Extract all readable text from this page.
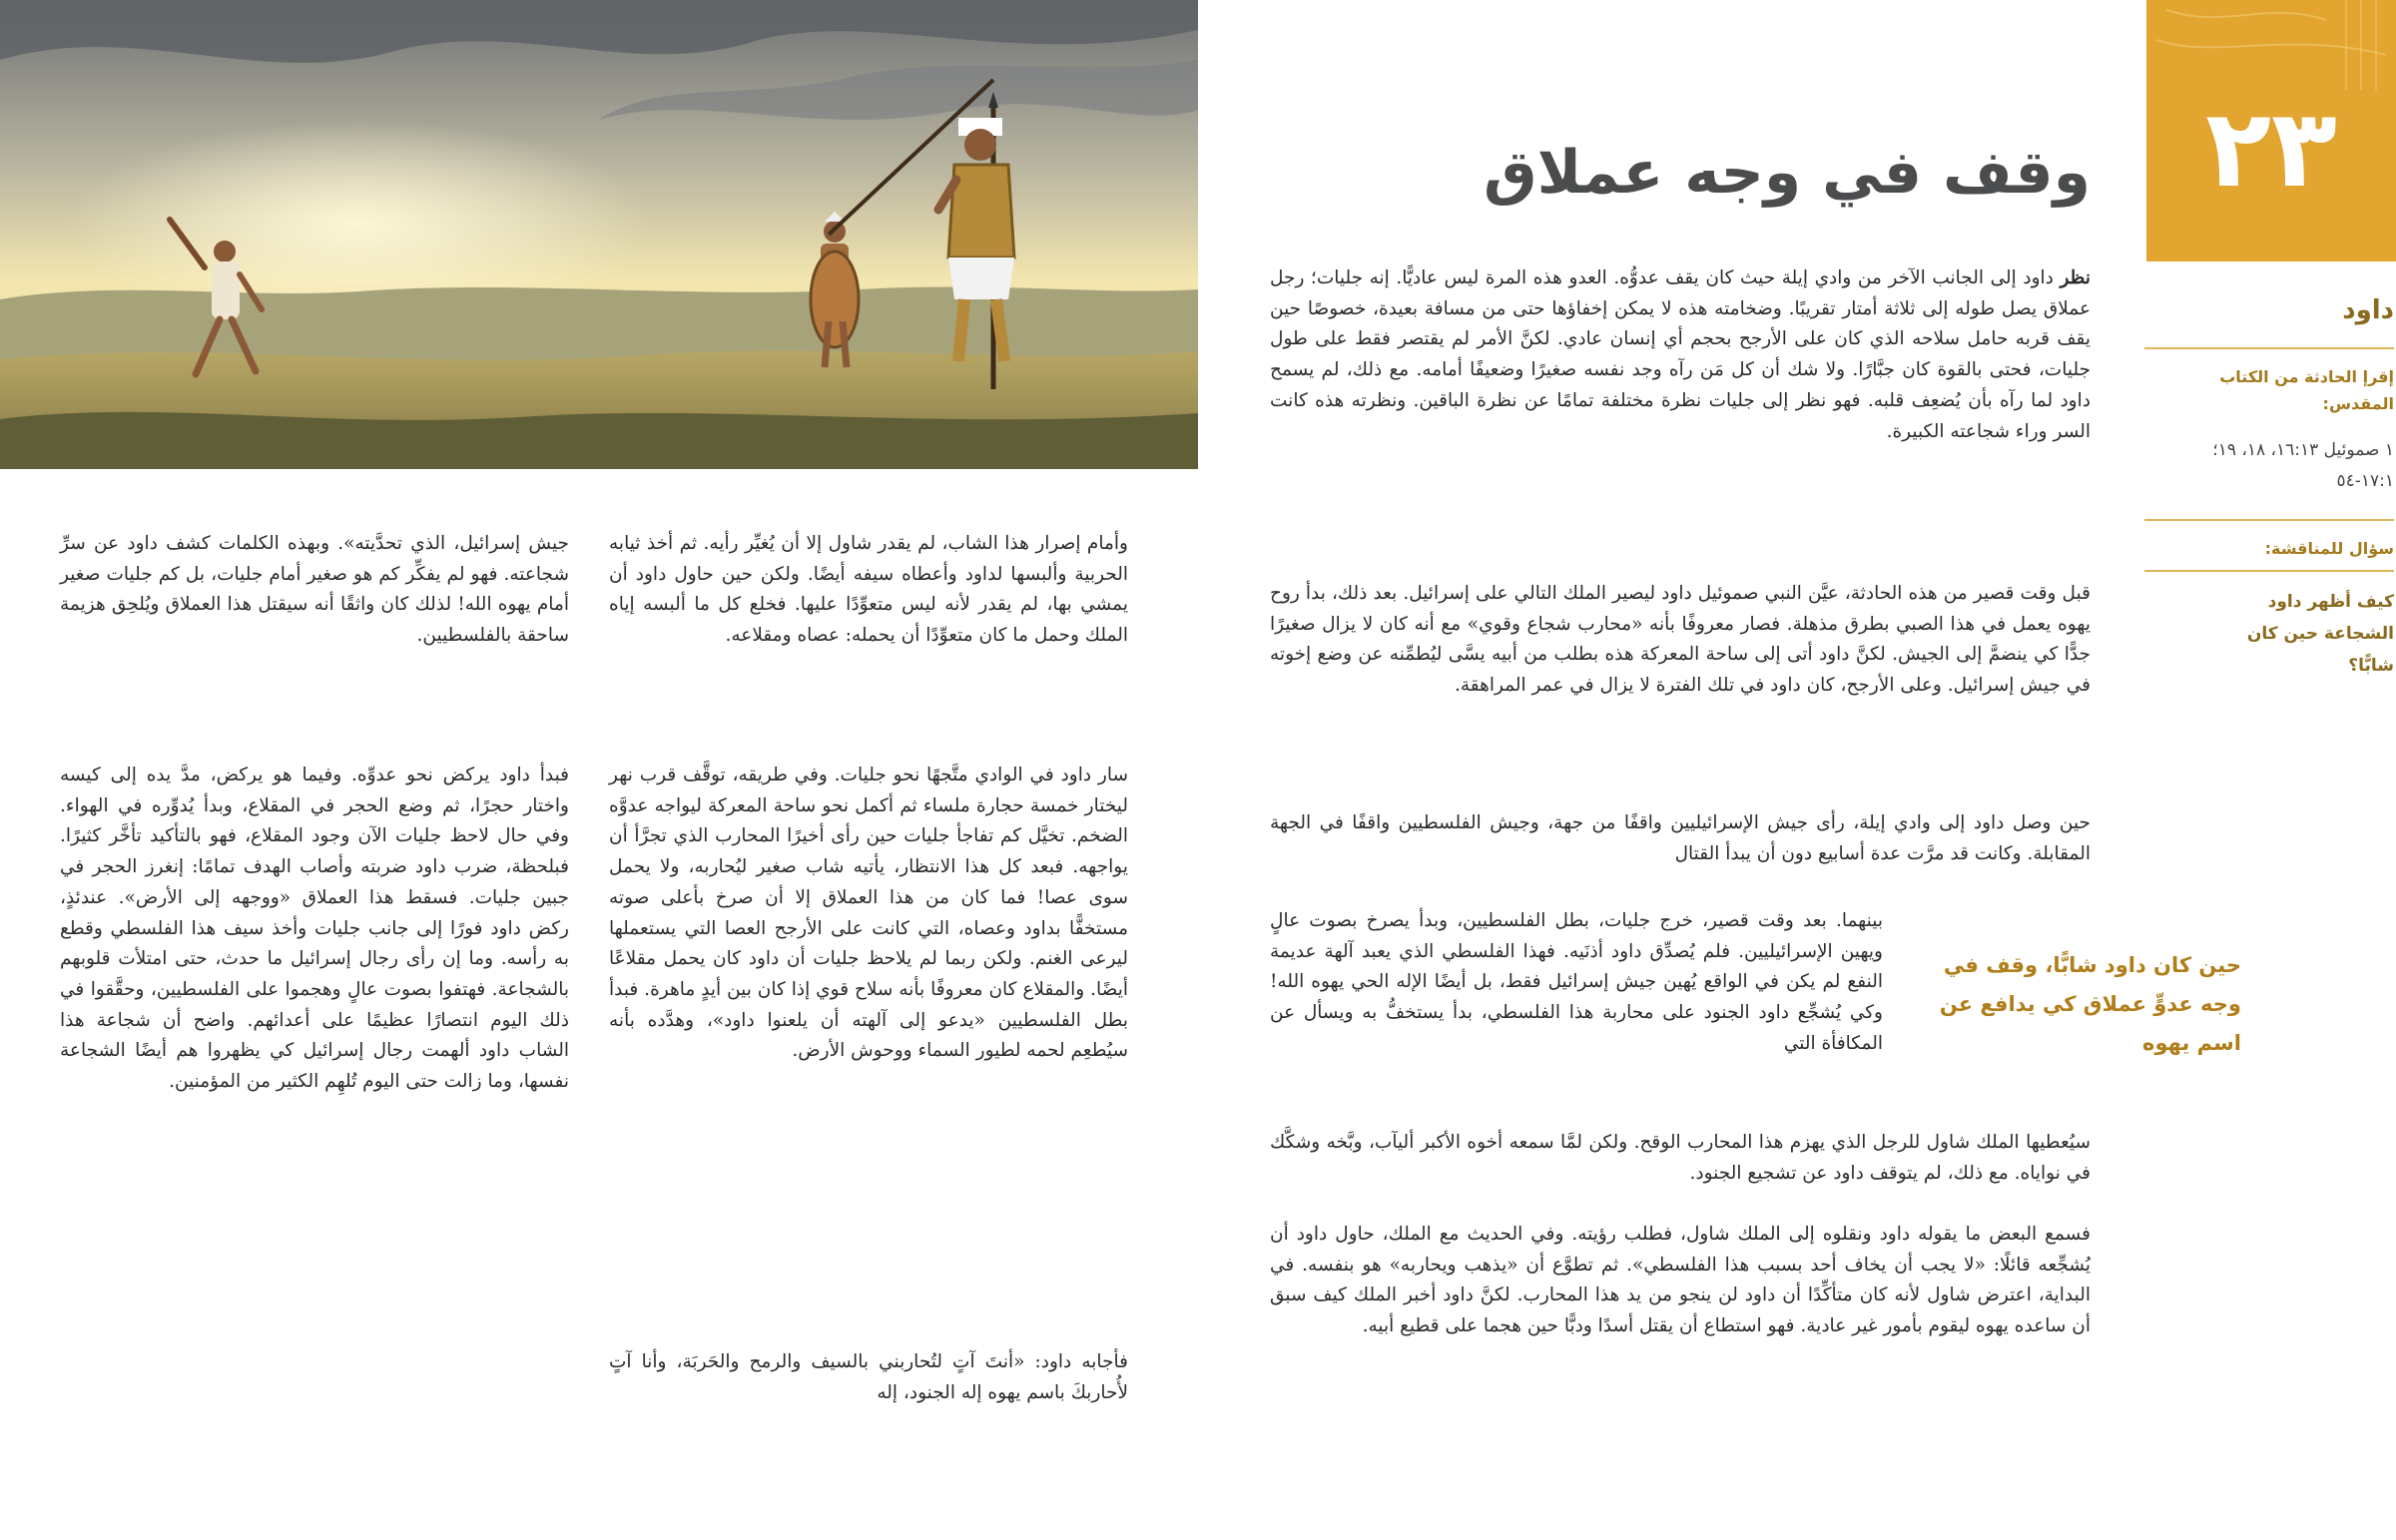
٢٣
وقف في وجه عملاق
داود
إقرإ الحادثة من الكتاب المقدس:
١ صموئيل ١٦:١٣، ١٨، ١٩؛ ١٧:١-٥٤
سؤال للمناقشة:
كيف أظهر داود الشجاعة حين كان شابًّا؟
حين كان داود شابًّا، وقف في وجه عدوٍّ عملاق كي يدافع عن اسم يهوه

نظر داود إلى الجانب الآخر من وادي إيلة حيث كان يقف عدوُّه. العدو هذه المرة ليس عاديًّا. إنه جليات؛ رجل عملاق يصل طوله إلى ثلاثة أمتار تقريبًا. وضخامته هذه لا يمكن إخفاؤها حتى من مسافة بعيدة، خصوصًا حين يقف قربه حامل سلاحه الذي كان على الأرجح بحجم أي إنسان عادي. لكنَّ الأمر لم يقتصر فقط على طول جليات، فحتى بالقوة كان جبَّارًا. ولا شك أن كل مَن رآه وجد نفسه صغيرًا وضعيفًا أمامه. مع ذلك، لم يسمح داود لما رآه بأن يُضعِف قلبه. فهو نظر إلى جليات نظرة مختلفة تمامًا عن نظرة الباقين. ونظرته هذه كانت السر وراء شجاعته الكبيرة.

قبل وقت قصير من هذه الحادثة، عيَّن النبي صموئيل داود ليصير الملك التالي على إسرائيل. بعد ذلك، بدأ روح يهوه يعمل في هذا الصبي بطرق مذهلة. فصار معروفًا بأنه «محارب شجاع وقوي» مع أنه كان لا يزال صغيرًا جدًّا كي ينضمَّ إلى الجيش. لكنَّ داود أتى إلى ساحة المعركة هذه بطلب من أبيه يسَّى ليُطمِّنه عن وضع إخوته في جيش إسرائيل. وعلى الأرجح، كان داود في تلك الفترة لا يزال في عمر المراهقة.

حين وصل داود إلى وادي إيلة، رأى جيش الإسرائيليين واقفًا من جهة، وجيش الفلسطيين واقفًا في الجهة المقابلة. وكانت قد مرَّت عدة أسابيع دون أن يبدأ القتال

بينهما. بعد وقت قصير، خرج جليات، بطل الفلسطيين، وبدأ يصرخ بصوت عالٍ ويهين الإسرائيليين. فلم يُصدِّق داود أذنَيه. فهذا الفلسطي الذي يعبد آلهة عديمة النفع لم يكن في الواقع يُهين جيش إسرائيل فقط، بل أيضًا الإله الحي يهوه الله! وكي يُشجِّع داود الجنود على محاربة هذا الفلسطي، بدأ يستخفُّ به ويسأل عن المكافأة التي

سيُعطيها الملك شاول للرجل الذي يهزم هذا المحارب الوقح. ولكن لمَّا سمعه أخوه الأكبر أليآب، وبَّخه وشكَّك في نواياه. مع ذلك، لم يتوقف داود عن تشجيع الجنود.

فسمع البعض ما يقوله داود ونقلوه إلى الملك شاول، فطلب رؤيته. وفي الحديث مع الملك، حاول داود أن يُشجِّعه قائلًا: «لا يجب أن يخاف أحد بسبب هذا الفلسطي». ثم تطوَّع أن «يذهب ويحاربه» هو بنفسه. في البداية، اعترض شاول لأنه كان متأكِّدًا أن داود لن ينجو من يد هذا المحارب. لكنَّ داود أخبر الملك كيف سبق أن ساعده يهوه ليقوم بأمور غير عادية. فهو استطاع أن يقتل أسدًا ودبًّا حين هجما على قطيع أبيه.

وأمام إصرار هذا الشاب، لم يقدر شاول إلا أن يُغيِّر رأيه. ثم أخذ ثيابه الحربية وألبسها لداود وأعطاه سيفه أيضًا. ولكن حين حاول داود أن يمشي بها، لم يقدر لأنه ليس متعوِّدًا عليها. فخلع كل ما ألبسه إياه الملك وحمل ما كان متعوِّدًا أن يحمله: عصاه ومقلاعه.

سار داود في الوادي متَّجهًا نحو جليات. وفي طريقه، توقَّف قرب نهر ليختار خمسة حجارة ملساء ثم أكمل نحو ساحة المعركة ليواجه عدوَّه الضخم. تخيَّل كم تفاجأ جليات حين رأى أخيرًا المحارب الذي تجرَّأ أن يواجهه. فبعد كل هذا الانتظار، يأتيه شاب صغير ليُحاربه، ولا يحمل سوى عصا! فما كان من هذا العملاق إلا أن صرخ بأعلى صوته مستخفًّا بداود وعصاه، التي كانت على الأرجح العصا التي يستعملها ليرعى الغنم. ولكن ربما لم يلاحظ جليات أن داود كان يحمل مقلاعًا أيضًا. والمقلاع كان معروفًا بأنه سلاح قوي إذا كان بين أيدٍ ماهرة. فبدأ بطل الفلسطيين «يدعو إلى آلهته أن يلعنوا داود»، وهدَّده بأنه سيُطعِم لحمه لطيور السماء ووحوش الأرض.

فأجابه داود: «أنتَ آتٍ لتُحاربني بالسيف والرمح والحَربَة، وأنا آتٍ لأُحاربكَ باسم يهوه إله الجنود، إله

جيش إسرائيل، الذي تحدَّيته». وبهذه الكلمات كشف داود عن سرِّ شجاعته. فهو لم يفكِّر كم هو صغير أمام جليات، بل كم جليات صغير أمام يهوه الله! لذلك كان واثقًا أنه سيقتل هذا العملاق ويُلحِق هزيمة ساحقة بالفلسطيين.

فبدأ داود يركض نحو عدوِّه. وفيما هو يركض، مدَّ يده إلى كيسه واختار حجرًا، ثم وضع الحجر في المقلاع، وبدأ يُدوِّره في الهواء. وفي حال لاحظ جليات الآن وجود المقلاع، فهو بالتأكيد تأخَّر كثيرًا. فبلحظة، ضرب داود ضربته وأصاب الهدف تمامًا: إنغرز الحجر في جبين جليات. فسقط هذا العملاق «ووجهه إلى الأرض». عندئذٍ، ركض داود فورًا إلى جانب جليات وأخذ سيف هذا الفلسطي وقطع به رأسه. وما إن رأى رجال إسرائيل ما حدث، حتى امتلأت قلوبهم بالشجاعة. فهتفوا بصوت عالٍ وهجموا على الفلسطيين، وحقَّقوا في ذلك اليوم انتصارًا عظيمًا على أعدائهم. واضح أن شجاعة هذا الشاب داود ألهمت رجال إسرائيل كي يظهروا هم أيضًا الشجاعة نفسها، وما زالت حتى اليوم تُلهِم الكثير من المؤمنين.
